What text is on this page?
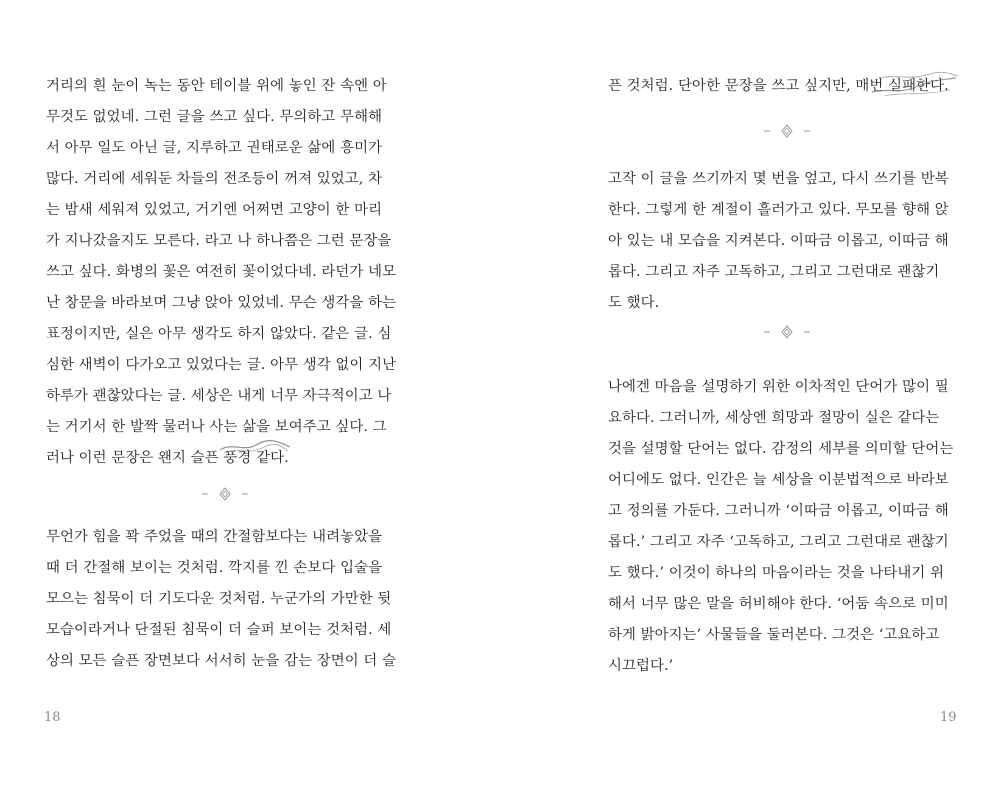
거리의 흰 눈이 녹는 동안 테이블 위에 놓인 잔 속엔 아
무것도 없었네. 그런 글을 쓰고 싶다. 무의하고 무해해
서 아무 일도 아닌 글, 지루하고 권태로운 삶에 흥미가
많다. 거리에 세워둔 차들의 전조등이 꺼져 있었고, 차
는 밤새 세워져 있었고, 거기엔 어쩌면 고양이 한 마리
가 지나갔을지도 모른다. 라고 나 하나쯤은 그런 문장을
쓰고 싶다. 화병의 꽃은 여전히 꽃이었다네. 라던가 네모
난 창문을 바라보며 그냥 앉아 있었네. 무슨 생각을 하는
표정이지만, 실은 아무 생각도 하지 않았다. 같은 글. 심
심한 새벽이 다가오고 있었다는 글. 아무 생각 없이 지난
하루가 괜찮았다는 글. 세상은 내게 너무 자극적이고 나
는 거기서 한 발짝 물러나 사는 삶을 보여주고 싶다. 그
러나 이런 문장은 왠지 슬픈 풍경 같다.
무언가 힘을 꽉 주었을 때의 간절함보다는 내려놓았을
때 더 간절해 보이는 것처럼. 깍지를 낀 손보다 입술을
모으는 침묵이 더 기도다운 것처럼. 누군가의 가만한 뒷
모습이라거나 단절된 침묵이 더 슬퍼 보이는 것처럼. 세
상의 모든 슬픈 장면보다 서서히 눈을 감는 장면이 더 슬
18
픈 것처럼. 단아한 문장을 쓰고 싶지만, 매번 실패한다.
고작 이 글을 쓰기까지 몇 번을 엎고, 다시 쓰기를 반복
한다. 그렇게 한 계절이 흘러가고 있다. 무모를 향해 앉
아 있는 내 모습을 지켜본다. 이따금 이롭고, 이따금 해
롭다. 그리고 자주 고독하고, 그리고 그런대로 괜찮기
도 했다.
나에겐 마음을 설명하기 위한 이차적인 단어가 많이 필
요하다. 그러니까, 세상엔 희망과 절망이 실은 같다는
것을 설명할 단어는 없다. 감정의 세부를 의미할 단어는
어디에도 없다. 인간은 늘 세상을 이분법적으로 바라보
고 정의를 가둔다. 그러니까 ‘이따금 이롭고, 이따금 해
롭다.’ 그리고 자주 ‘고독하고, 그리고 그런대로 괜찮기
도 했다.’ 이것이 하나의 마음이라는 것을 나타내기 위
해서 너무 많은 말을 허비해야 한다. ‘어둠 속으로 미미
하게 밝아지는’ 사물들을 둘러본다. 그것은 ‘고요하고
시끄럽다.’
19
